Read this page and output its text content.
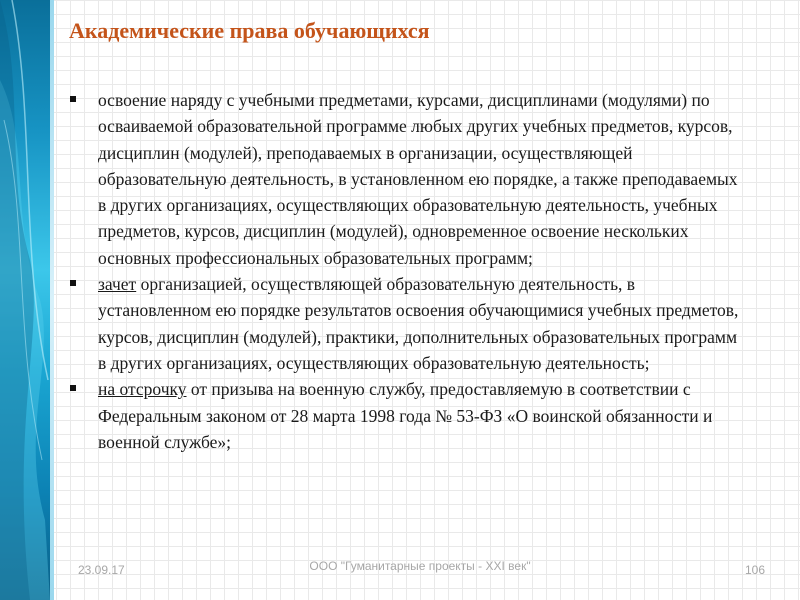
Академические права обучающихся
освоение наряду с учебными предметами, курсами, дисциплинами (модулями) по осваиваемой образовательной программе любых других учебных предметов, курсов, дисциплин (модулей), преподаваемых в организации, осуществляющей образовательную деятельность, в установленном ею порядке, а также преподаваемых в других организациях, осуществляющих образовательную деятельность, учебных предметов, курсов, дисциплин (модулей), одновременное освоение нескольких основных профессиональных образовательных программ;
зачет организацией, осуществляющей образовательную деятельность, в установленном ею порядке результатов освоения обучающимися учебных предметов, курсов, дисциплин (модулей), практики, дополнительных образовательных программ в других организациях, осуществляющих образовательную деятельность;
на отсрочку от призыва на военную службу, предоставляемую в соответствии с Федеральным законом от 28 марта 1998 года № 53-ФЗ «О воинской обязанности и военной службе»;
23.09.17	ООО "Гуманитарные проекты - XXI век"	106
